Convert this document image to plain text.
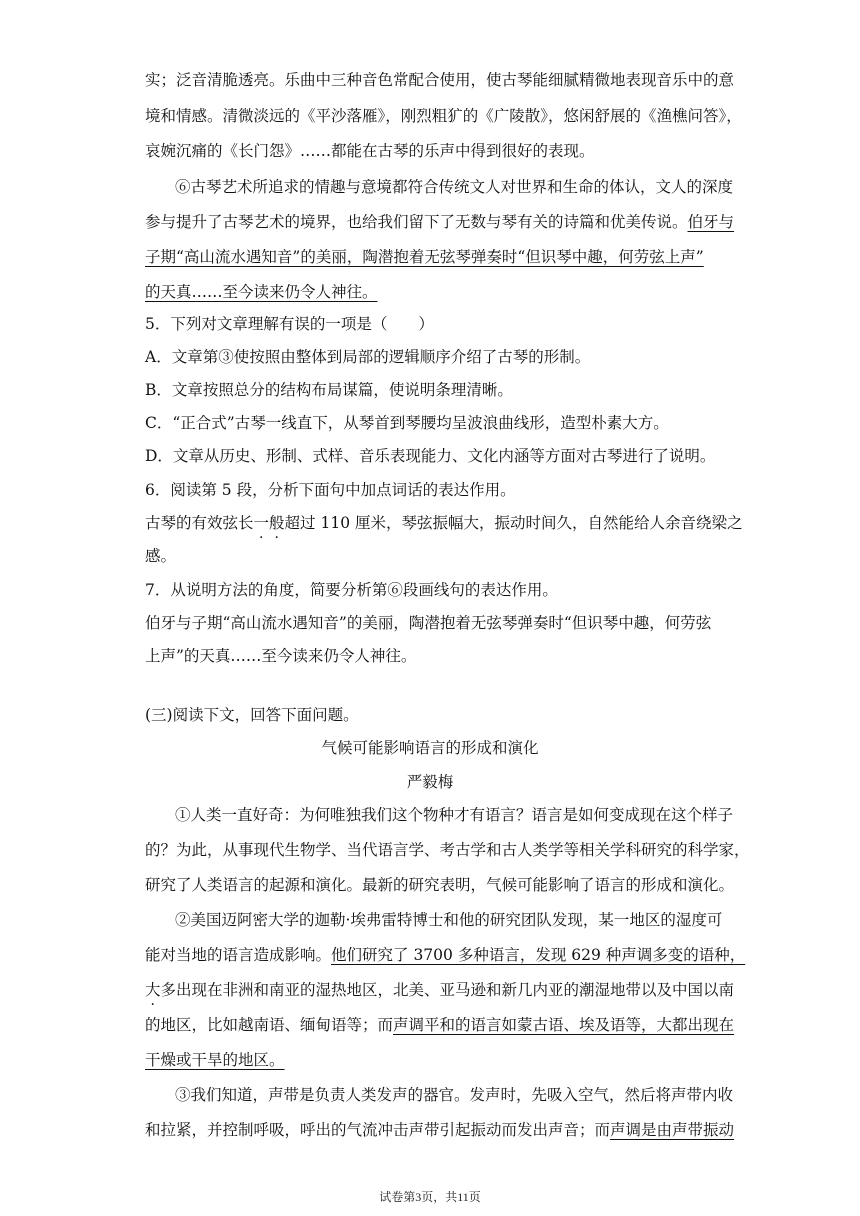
实；泛音清脆透亮。乐曲中三种音色常配合使用，使古琴能细腻精微地表现音乐中的意
境和情感。清微淡远的《平沙落雁》，刚烈粗犷的《广陵散》，悠闲舒展的《渔樵问答》，
哀婉沉痛的《长门怨》……都能在古琴的乐声中得到很好的表现。
⑥古琴艺术所追求的情趣与意境都符合传统文人对世界和生命的体认，文人的深度
参与提升了古琴艺术的境界，也给我们留下了无数与琴有关的诗篇和优美传说。伯牙与
子期“高山流水遇知音”的美丽，陶潜抱着无弦琴弹奏时“但识琴中趣，何劳弦上声”
的天真……至今读来仍令人神往。
5．下列对文章理解有误的一项是（　　）
A．文章第③使按照由整体到局部的逻辑顺序介绍了古琴的形制。
B．文章按照总分的结构布局谋篇，使说明条理清晰。
C．“正合式”古琴一线直下，从琴首到琴腰均呈波浪曲线形，造型朴素大方。
D．文章从历史、形制、式样、音乐表现能力、文化内涵等方面对古琴进行了说明。
6．阅读第 5 段，分析下面句中加点词话的表达作用。
古琴的有效弦长一般超过 110 厘米，琴弦振幅大，振动时间久，自然能给人余音绕梁之
感。
7．从说明方法的角度，简要分析第⑥段画线句的表达作用。
伯牙与子期“高山流水遇知音”的美丽，陶潜抱着无弦琴弹奏时“但识琴中趣，何劳弦
上声”的天真……至今读来仍令人神往。
(三)阅读下文，回答下面问题。
气候可能影响语言的形成和演化
严毅梅
①人类一直好奇：为何唯独我们这个物种才有语言？语言是如何变成现在这个样子
的？为此，从事现代生物学、当代语言学、考古学和古人类学等相关学科研究的科学家，
研究了人类语言的起源和演化。最新的研究表明，气候可能影响了语言的形成和演化。
②美国迈阿密大学的迦勒·埃弗雷特博士和他的研究团队发现，某一地区的湿度可
能对当地的语言造成影响。他们研究了 3700 多种语言，发现 629 种声调多变的语种，
大多出现在非洲和南亚的湿热地区，北美、亚马逊和新几内亚的潮湿地带以及中国以南
的地区，比如越南语、缅甸语等；而声调平和的语言如蒙古语、埃及语等，大都出现在
干燥或干旱的地区。
③我们知道，声带是负责人类发声的器官。发声时，先吸入空气，然后将声带内收
和拉紧，并控制呼吸，呼出的气流冲击声带引起振动而发出声音；而声调是由声带振动
试卷第3页，共11页
